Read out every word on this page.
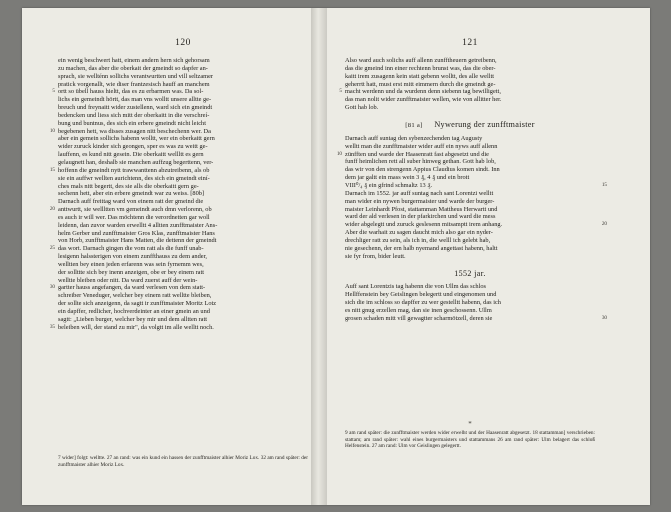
120
ein wenig beschwert hatt, einem andern hern sich gehorsam
zu machen, das aber die oberkait der gmeindt so dapfer an-
sprach, sie wellténn sollichs verantwurtten und vill seltzamer
pratick vorgenallt, wie diser frantzesisch hauff an manchem
5 ortt so übell hauss hieltt, das es zu erbarmen was. Da sol-
lichs ein gemeindt hörtt, das man vns wolltt unsere alltte ge-
breuch und freynaitt wider zustellenn, ward sich ein gmeindt
bedencken und liess sich mitt der oberkaitt in die verschreí-
bung und buntnus, des sich ein erbere gmeindt nicht leicht
10 begebenen hett, wa disses zusagen nitt beschechenn wer. Da
aber ein gemein sollichs habenn wolltt, wer ein oberkaitt gern
wider zuruck kinder sich geongen, sper es was zu weitt ge-
lauffenn, es kund nitt gesein. Die oberkaitt wellltt es gern
gelaugnett han, deshalb sie manchen auffzug begerttenn, ver-
15 hoffenn die gmeindt nytt trawwanttenn abzutreibenn, als ob
sie ein auffwr wellten aurichtenn, des sich ein gmeindt einí-
ches mals nitt begertt, des sie alls die oberkaitt gern ge-
sechenn hett, aber ein erbere gmeindt war zu weiss. [80b]
Darnach auff freittag ward von einem ratt der gmeind die
20 anttwurtt, sie wellltten vm gemeindt auch dmn verlorenn, ob
es auch ir will wer. Das möchtenn die verordnetten gar woll
leidenn, dan zuvor warden erwelltt 4 alltten zunfftmaister Ans-
helm Gerber und zunfftmaister Gros Klas, zunfftmaister Hans
von Horb, zunfftmaister Hans Matten, die dettenn der gmeindt
25 das wort. Darnach gingen die vom ratt als die funff unab-
lesigenn halssterigen von einem zunffthauss zu dem ander,
welltten bey einen jeden erfarenn was sein fyrnemm wes,
der sollttte sich bey inenn anzeigen, obe er bey einem ratt
welltte bleiben oder nitt. Da ward zuerst auff der wein-
30 gartter hauss angefangen, da ward verlesen von dem statt-
schreiber Veneduger, welcher bey einem ratt welltte bleiben,
der sollte sich anzeigenn, da sagtt ir zunfftmaister Moritz Lotz
ein dapffer, redlicher, hochverdeinter an einer gmein an und
sagtt: „Lieben burger, welcher bey mir und dem alltten ratt
35 beleiben will, der stand zu mir", da volgtt im alle welltt noch.
121
Also ward auch solichs auff allenn zunfftheuern getreibenn,
das die gmeind inn einer rechtenn brunst was, das die ober-
kaitt irem zusagenn kein statt gebenn wolltt, des alle welltt
geherrtt hatt, must erst mitt eimmern durch die gmeindt ge-
5 macht werdenn und da wurdenn denn siebenn tag bewilligett,
das man nolit wider zunfftmaister wellen, wie von allitter her.
Gott hab lob.
[81 a] Nywerung der zunfftmaister
Darnach auff suntag den sybenzechenden tag Augusty
welltt man die zunfftmaister wider auff ein nyws auff allenn
10 zünfften und warde der Haasenratt fast abgesetzt und die
funff heimlichen rett all suber hinweg gethan. Gott hab lob,
das wir von den strengenn Appius Claudius komen sindt. Inn
dem jar galtt ein mass wein 3 ₰, 4 ₰ und ein brott
VIII⁰/₄ ₰ ein gfrind schmaltz 13 ₰.	15
Darnach im 1552. jar auff suntag nach sant Lorentzi welltt
man wider ein nywen burgermaister und warde der burger-
maister Leinhardt Pfost, stattamman Mattheus Herwartt und
ward der ald verlesen in der pfarkirchen und ward die mess
wider abgelegtt und zuruck geslesenn mitsamptt irem anhang.	20
Aber die warhait zu sagen daucht mich also gar ein nyder-
drechliger ratt zu sein, als ich in, die welll ich gelebt hab,
nie gesechenn, der ern halb nyemand angettast habenn, haltt
sie fyr from, bider leutt.
1552 jar.
Auff sant Lorentzis tag habenn die von Ullm das schlos
Hellffenstein bey Geislingen belegertt und eingenomen und
sich die im schloss so dapffer zu wer gestelltt habenn, das ich
es nitt gnug erzellen mag, dan sie inen geschossenn. Ullm
grosen schaden mitt vill gewagtter scharmötzell, deren sie	30
*
9 am rand später: die zunfftmaister werden wider erwelht und der Haasenratt abgesetzt. 18 stattamman] verschrieben: stattam; am rand später: wahl eines burgermaisters und stattammans 26 am rand später: Ulm belagert das schloß Helfenstein. 27 am rand: Ulm vor Geislingen gelegertt.
7 wider] folgt: welltte. 27 an rand: was ein kund ein hassen der zunfftmaister alhier Moriz Lox. 32 am rand später: der zunfftmaister alhier Moriz Lox.
